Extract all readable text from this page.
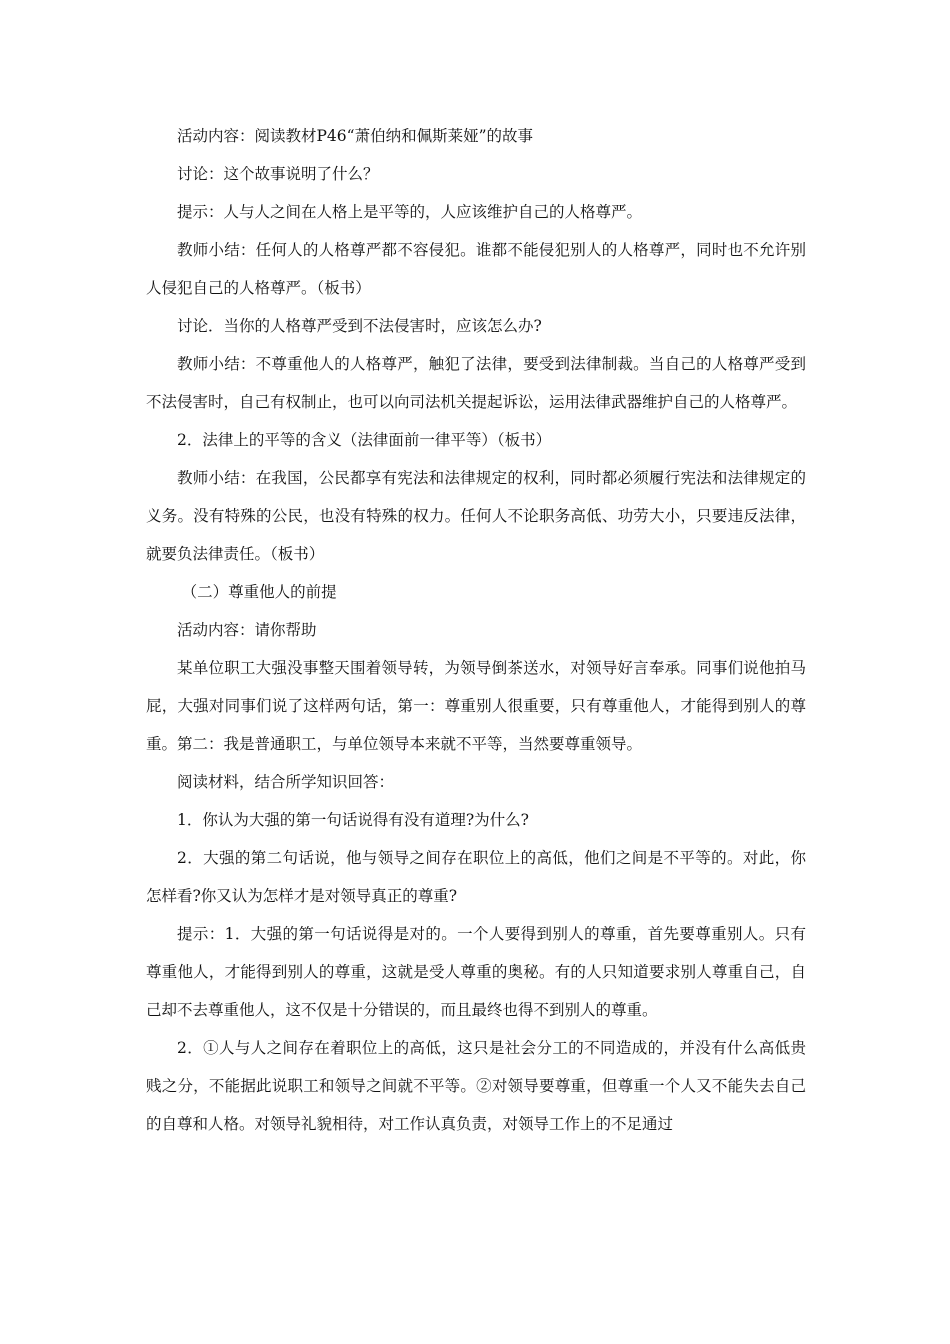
活动内容：阅读教材P46“萧伯纳和佩斯莱娅”的故事

讨论：这个故事说明了什么？

提示：人与人之间在人格上是平等的，人应该维护自己的人格尊严。

教师小结：任何人的人格尊严都不容侵犯。谁都不能侵犯别人的人格尊严，同时也不允许别人侵犯自己的人格尊严。（板书）

讨论．当你的人格尊严受到不法侵害时，应该怎么办?

教师小结：不尊重他人的人格尊严，触犯了法律，要受到法律制裁。当自己的人格尊严受到不法侵害时，自己有权制止，也可以向司法机关提起诉讼，运用法律武器维护自己的人格尊严。

2．法律上的平等的含义（法律面前一律平等）（板书）

教师小结：在我国，公民都享有宪法和法律规定的权利，同时都必须履行宪法和法律规定的义务。没有特殊的公民，也没有特殊的权力。任何人不论职务高低、功劳大小，只要违反法律，就要负法律责任。（板书）

（二）尊重他人的前提

活动内容：请你帮助

某单位职工大强没事整天围着领导转，为领导倒茶送水，对领导好言奉承。同事们说他拍马屁，大强对同事们说了这样两句话，第一：尊重别人很重要，只有尊重他人，才能得到别人的尊重。第二：我是普通职工，与单位领导本来就不平等，当然要尊重领导。

阅读材料，结合所学知识回答：

1．你认为大强的第一句话说得有没有道理?为什么?

2．大强的第二句话说，他与领导之间存在职位上的高低，他们之间是不平等的。对此，你怎样看?你又认为怎样才是对领导真正的尊重?

提示：1．大强的第一句话说得是对的。一个人要得到别人的尊重，首先要尊重别人。只有尊重他人，才能得到别人的尊重，这就是受人尊重的奥秘。有的人只知道要求别人尊重自己，自己却不去尊重他人，这不仅是十分错误的，而且最终也得不到别人的尊重。

2．①人与人之间存在着职位上的高低，这只是社会分工的不同造成的，并没有什么高低贵贱之分，不能据此说职工和领导之间就不平等。②对领导要尊重，但尊重一个人又不能失去自己的自尊和人格。对领导礼貌相待，对工作认真负责，对领导工作上的不足通过
